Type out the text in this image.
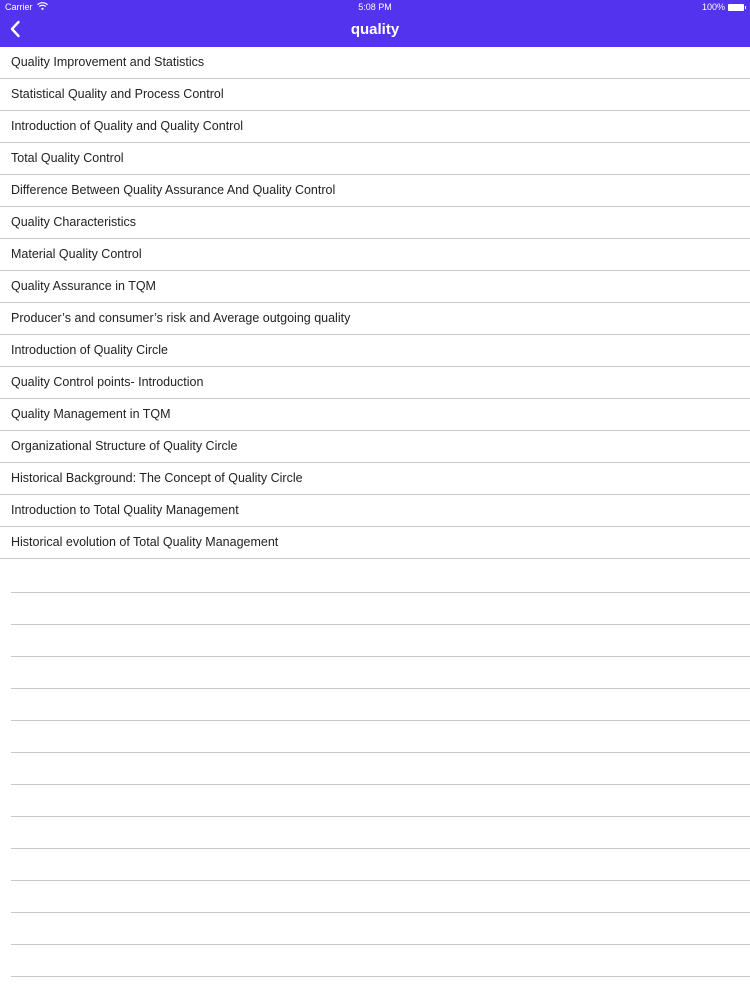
Carrier	5:08 PM	100%
quality
Quality Improvement and Statistics
Statistical Quality and Process Control
Introduction of Quality and Quality Control
Total Quality Control
Difference Between Quality Assurance And Quality Control
Quality Characteristics
Material Quality Control
Quality Assurance in TQM
Producer’s and consumer’s risk and Average outgoing quality
Introduction of Quality Circle
Quality Control points- Introduction
Quality Management in TQM
Organizational Structure of Quality Circle
Historical Background: The Concept of Quality Circle
Introduction to Total Quality Management
Historical evolution of Total Quality Management
